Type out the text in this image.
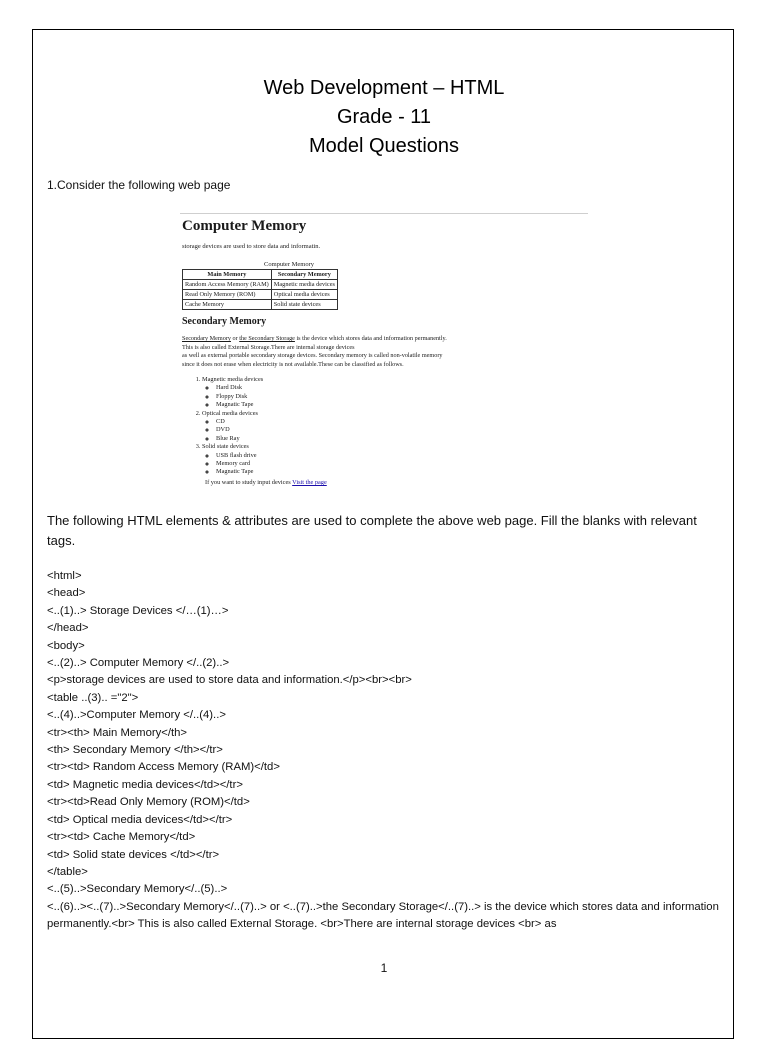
Web Development – HTML
Grade - 11
Model Questions
1.Consider the following web page
Computer Memory
storage devices are used to store data and informatin.
Computer Memory
Main Memory	Secondary Memory
Random Access Memory (RAM)	Magnetic media devices
Read Only Memory (ROM)	Optical media devices
Cache Memory	Solid state devices
Secondary Memory
Secondary Memory or the Secondary Storage is the device which stores data and information permanently.
This is also called External Storage.There are internal storage devices
as well as external portable secondary storage devices. Secondary memory is called non-volatile memory
since it does not erase when electricity is not available.These can be classified as follows.
1. Magnetic media devices
◦ Hard Disk
◦ Floppy Disk
◦ Magnatic Tape
2. Optical media devices
◦ CD
◦ DVD
◦ Blue Ray
3. Solid state devices
◦ USB flash drive
◦ Memory card
◦ Magnatic Tape
If you want to study input devices Visit the page
The following HTML elements & attributes are used to complete the above web page. Fill the blanks with relevant tags.
<html>
<head>
<..(1)..> Storage Devices </…(1)…>
</head>
<body>
<..(2)..> Computer Memory </..(2)..>
<p>storage devices are used to store data and information.</p><br><br>
<table ..(3).. ="2">
<..(4)..>Computer Memory </..(4)..>
<tr><th> Main Memory</th>
<th> Secondary Memory </th></tr>
<tr><td> Random Access Memory (RAM)</td>
<td> Magnetic media devices</td></tr>
<tr><td>Read Only Memory (ROM)</td>
<td> Optical media devices</td></tr>
<tr><td> Cache Memory</td>
<td> Solid state devices </td></tr>
</table>
<..(5)..>Secondary Memory</..(5)..>
<..(6)..><..(7)..>Secondary Memory</..(7)..> or <..(7)..>the Secondary Storage</..(7)..> is the device which stores data and information permanently.<br> This is also called External Storage. <br>There are internal storage devices <br> as
1
